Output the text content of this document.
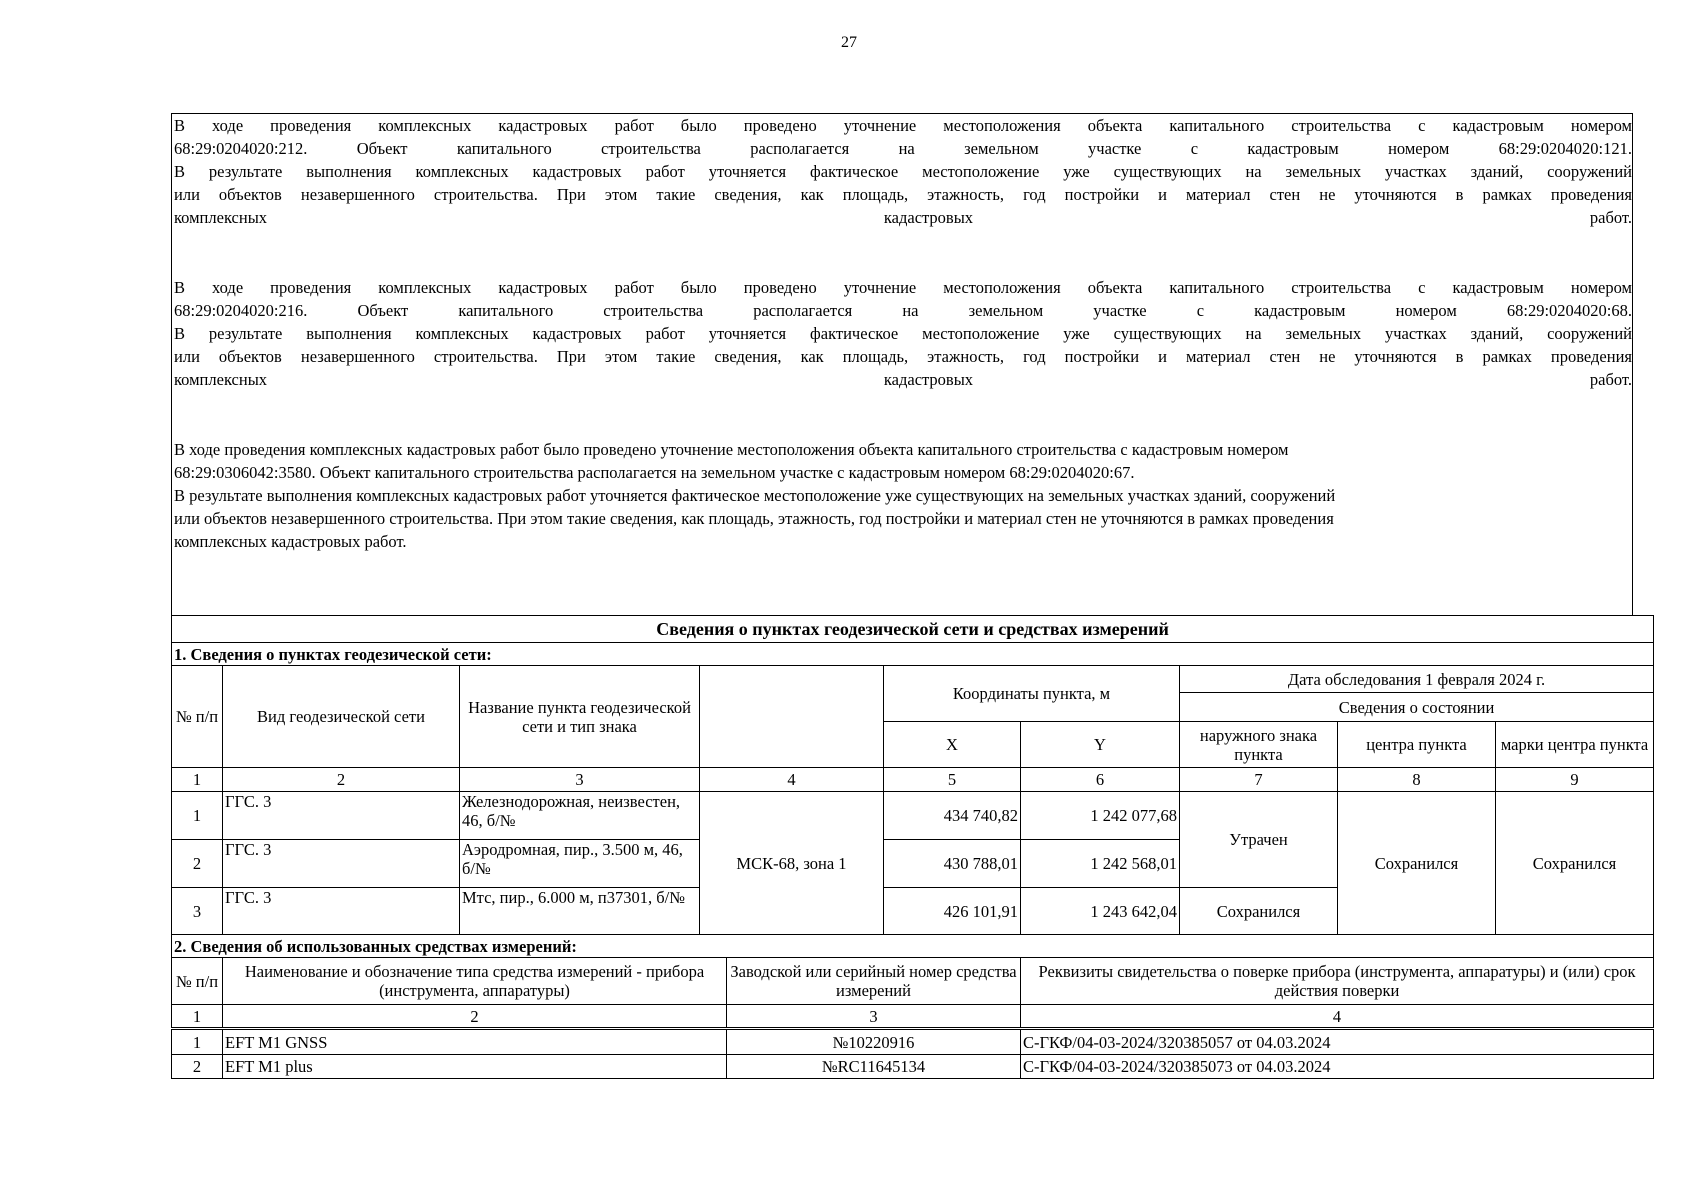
27
В ходе проведения комплексных кадастровых работ было проведено уточнение местоположения объекта капитального строительства с кадастровым номером
68:29:0204020:212. Объект капитального строительства располагается на земельном участке с кадастровым номером 68:29:0204020:121.
В результате выполнения комплексных кадастровых работ уточняется фактическое местоположение уже существующих на земельных участках зданий, сооружений
или объектов незавершенного строительства. При этом такие сведения, как площадь, этажность, год постройки и материал стен не уточняются в рамках проведения
комплексных кадастровых работ.
В ходе проведения комплексных кадастровых работ было проведено уточнение местоположения объекта капитального строительства с кадастровым номером
68:29:0204020:216. Объект капитального строительства располагается на земельном участке с кадастровым номером 68:29:0204020:68.
В результате выполнения комплексных кадастровых работ уточняется фактическое местоположение уже существующих на земельных участках зданий, сооружений
или объектов незавершенного строительства. При этом такие сведения, как площадь, этажность, год постройки и материал стен не уточняются в рамках проведения
комплексных кадастровых работ.
В ходе проведения комплексных кадастровых работ было проведено уточнение местоположения объекта капитального строительства с кадастровым номером
68:29:0306042:3580. Объект капитального строительства располагается на земельном участке с кадастровым номером 68:29:0204020:67.
В результате выполнения комплексных кадастровых работ уточняется фактическое местоположение уже существующих на земельных участках зданий, сооружений
или объектов незавершенного строительства. При этом такие сведения, как площадь, этажность, год постройки и материал стен не уточняются в рамках проведения
комплексных кадастровых работ.
Сведения о пунктах геодезической сети и средствах измерений									
1. Сведения о пунктах геодезической сети:									
№ п/п	Вид геодезической сети	Название пункта геодезической сети и тип знака			Координаты пункта, м		Дата обследования 1 февраля 2024 г.		
							Сведения о состоянии		
					X	Y	наружного знака пункта	центра пункта	марки центра пункта
1	2	3	4		5	6	7	8	9
1	ГГС. 3	Железнодорожная, неизвестен, 46, б/№	МСК-68, зона 1		434 740,82	1 242 077,68	Утрачен	Сохранился	Сохранился
2	ГГС. 3	Аэродромная, пир., 3.500 м, 46, б/№			430 788,01	1 242 568,01			
3	ГГС. 3	Мтс, пир., 6.000 м, п37301, б/№			426 101,91	1 243 642,04	Сохранился		
2. Сведения об использованных средствах измерений:									
№ п/п	Наименование и обозначение типа средства измерений - прибора (инструмента, аппаратуры)			Заводской или серийный номер средства измерений		Реквизиты свидетельства о поверке прибора (инструмента, аппаратуры) и (или) срок действия поверки			
1	2			3		4			
1	EFT M1 GNSS			№10220916		С-ГКФ/04-03-2024/320385057 от 04.03.2024			
2	EFT M1 plus			№RC11645134		С-ГКФ/04-03-2024/320385073 от 04.03.2024			
